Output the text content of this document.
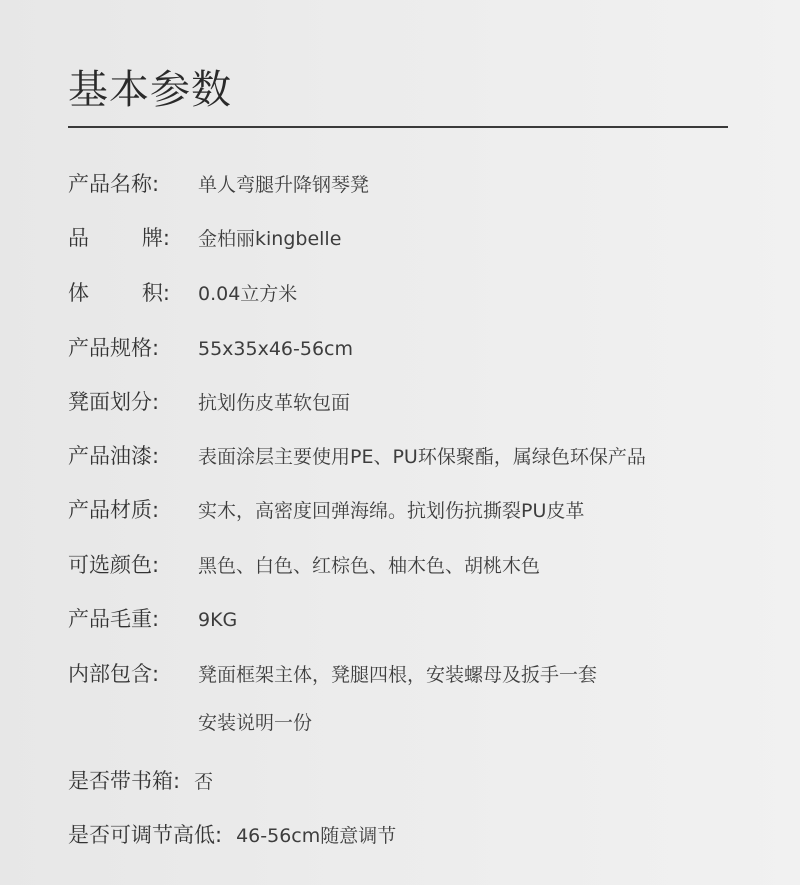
基本参数
产品名称:	单人弯腿升降钢琴凳
品	牌: 金柏丽kingbelle
体	积: 0.04立方米
产品规格:	55x35x46-56cm
凳面划分:	抗划伤皮革软包面
产品油漆:	表面涂层主要使用PE、PU环保聚酯，属绿色环保产品
产品材质:	实木，高密度回弹海绵。抗划伤抗撕裂PU皮革
可选颜色:	黑色、白色、红棕色、柚木色、胡桃木色
产品毛重:	9KG
内部包含:	凳面框架主体，凳腿四根，安装螺母及扳手一套
安装说明一份
是否带书箱: 否
是否可调节高低: 46-56cm随意调节
